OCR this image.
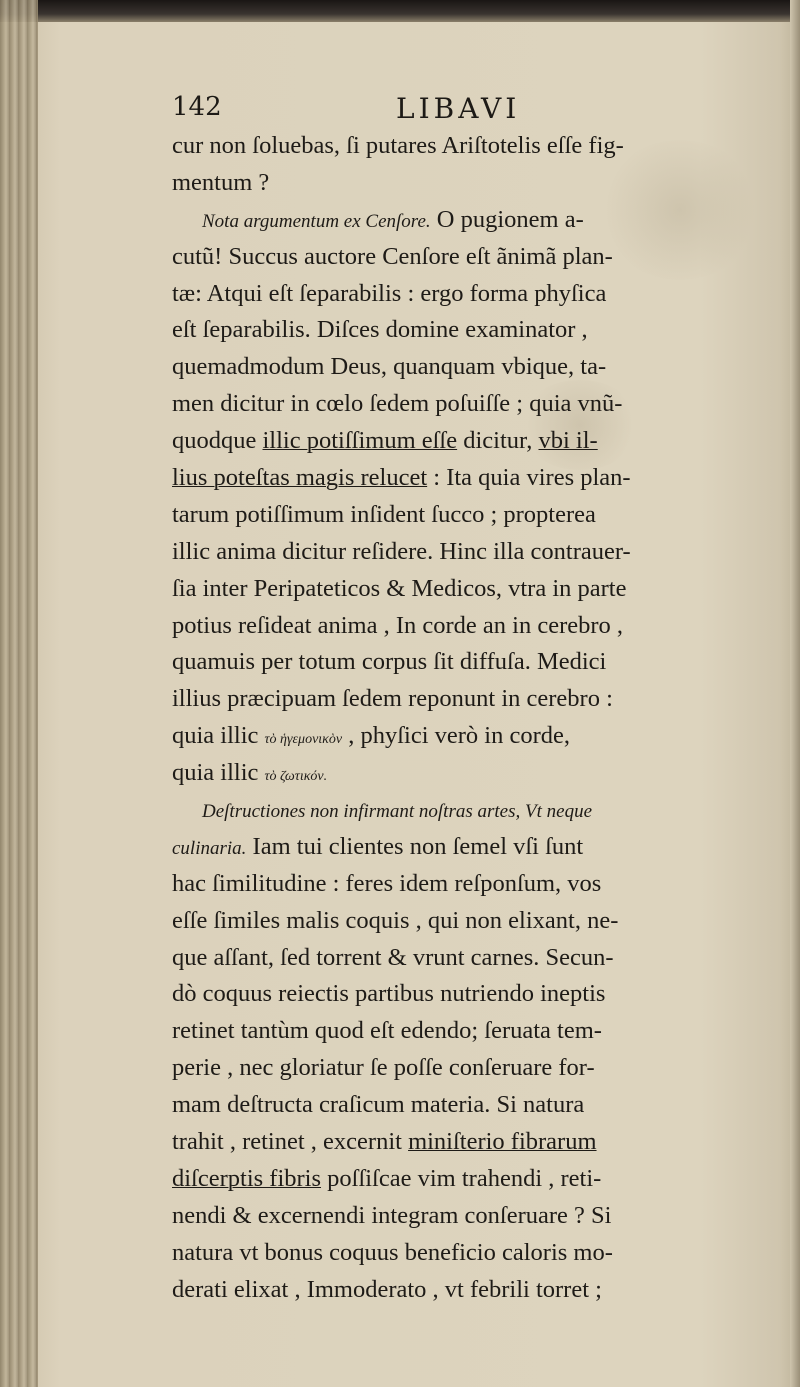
142	LIBAVI
cur non ſoluebas, ſi putares Ariſtotelis eſſe fig-
mentum ?
Nota argumentum ex Cenſore. O pugionem a-
cutũ! Succus auctore Cenſore eſt ãnimã plan-
tæ: Atqui eſt ſeparabilis : ergo forma phyſica
eſt ſeparabilis. Diſces domine examinator ,
quemadmodum Deus, quanquam vbique, ta-
men dicitur in cœlo ſedem poſuiſſe ; quia vnũ-
quodque illic potiſſimum eſſe dicitur, vbi il-
lius poteſtas magis relucet : Ita quia vires plan-
tarum potiſſimum inſident ſucco ; propterea
illic anima dicitur reſidere. Hinc illa contrauer-
ſia inter Peripateticos & Medicos, vtra in parte
potius reſideat anima , In corde an in cerebro ,
quamuis per totum corpus ſit diffuſa. Medici
illius præcipuam ſedem reponunt in cerebro :
quia illic τὸ ἡγεμονικὸν , phyſici verò in corde,
quia illic τὸ ζωτικόν.
Deſtructiones non infirmant noſtras artes, Vt neque
culinaria. Iam tui clientes non ſemel vſi ſunt
hac ſimilitudine : feres idem reſponſum, vos
eſſe ſimiles malis coquis , qui non elixant, ne-
que aſſant, ſed torrent & vrunt carnes. Secun-
dò coquus reiectis partibus nutriendo ineptis
retinet tantùm quod eſt edendo; ſeruata tem-
perie , nec gloriatur ſe poſſe conſeruare for-
mam deſtructa craſicum materia. Si natura
trahit , retinet , excernit miniſterio fibrarum
diſcerptis fibris poſſiſcae vim trahendi , reti-
nendi & excernendi integram conſeruare ? Si
natura vt bonus coquus beneficio caloris mo-
derati elixat , Immoderato , vt febrili torret ;
